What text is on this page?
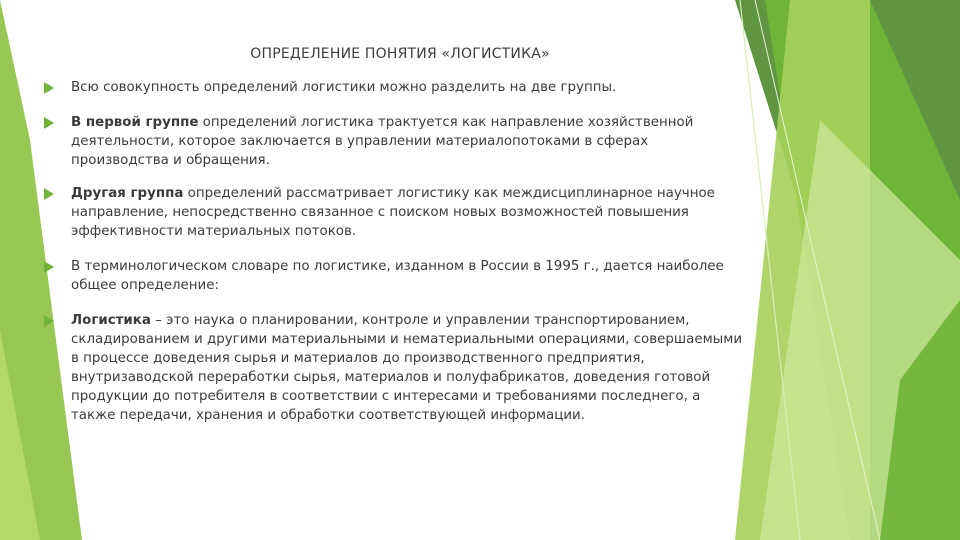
ОПРЕДЕЛЕНИЕ ПОНЯТИЯ «ЛОГИСТИКА»
Всю совокупность определений логистики можно разделить на две группы.
В первой группе определений логистика трактуется как направление хозяйственной деятельности, которое заключается в управлении материалопотоками в сферах производства и обращения.
Другая группа определений рассматривает логистику как междисциплинарное научное направление, непосредственно связанное с поиском новых возможностей повышения эффективности материальных потоков.
В терминологическом словаре по логистике, изданном в России в 1995 г., дается наиболее общее определение:
Логистика – это наука о планировании, контроле и управлении транспортированием, складированием и другими материальными и нематериальными операциями, совершаемыми в процессе доведения сырья и материалов до производственного предприятия, внутризаводской переработки сырья, материалов и полуфабрикатов, доведения готовой продукции до потребителя в соответствии с интересами и требованиями последнего, а также передачи, хранения и обработки соответствующей информации.
